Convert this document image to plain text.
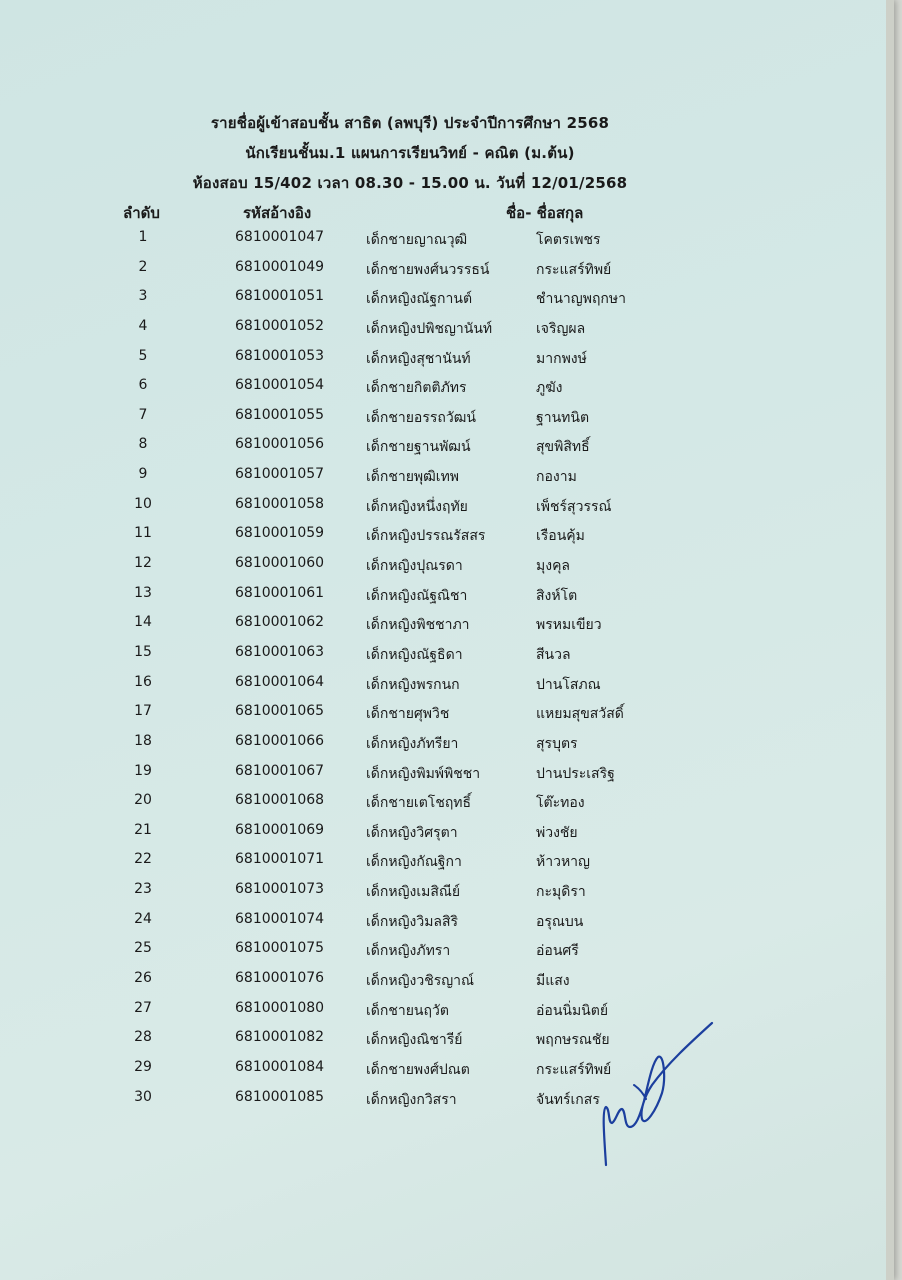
รายชื่อผู้เข้าสอบชั้น สาธิต (ลพบุรี) ประจำปีการศึกษา 2568
นักเรียนชั้นม.1 แผนการเรียนวิทย์ - คณิต (ม.ต้น)
ห้องสอบ 15/402 เวลา 08.30 - 15.00 น. วันที่ 12/01/2568
ลำดับ	รหัสอ้างอิง	ชื่อ- ชื่อสกุล
1	6810001047	เด็กชายญาณวุฒิ	โคตรเพชร
2	6810001049	เด็กชายพงศ์นวรรธน์	กระแสร์ทิพย์
3	6810001051	เด็กหญิงณัฐกานต์	ชำนาญพฤกษา
4	6810001052	เด็กหญิงปพิชญานันท์	เจริญผล
5	6810001053	เด็กหญิงสุชานันท์	มากพงษ์
6	6810001054	เด็กชายกิตติภัทร	ภูฆัง
7	6810001055	เด็กชายอรรถวัฒน์	ฐานทนิต
8	6810001056	เด็กชายฐานพัฒน์	สุขพิสิทธิ์
9	6810001057	เด็กชายพุฒิเทพ	กองาม
10	6810001058	เด็กหญิงหนึ่งฤทัย	เพ็ชร์สุวรรณ์
11	6810001059	เด็กหญิงปรรณรัสสร	เรือนคุ้ม
12	6810001060	เด็กหญิงปุณรดา	มุงคุล
13	6810001061	เด็กหญิงณัฐณิชา	สิงห์โต
14	6810001062	เด็กหญิงพิชชาภา	พรหมเขียว
15	6810001063	เด็กหญิงณัฐธิดา	สีนวล
16	6810001064	เด็กหญิงพรกนก	ปานโสภณ
17	6810001065	เด็กชายศุพวิช	แหยมสุขสวัสดิ์
18	6810001066	เด็กหญิงภัทรียา	สุรบุตร
19	6810001067	เด็กหญิงพิมพ์พิชชา	ปานประเสริฐ
20	6810001068	เด็กชายเตโชฤทธิ์	โต๊ะทอง
21	6810001069	เด็กหญิงวิศรุตา	พ่วงชัย
22	6810001071	เด็กหญิงกัณฐิกา	ห้าวหาญ
23	6810001073	เด็กหญิงเมสิณีย์	กะมุดิรา
24	6810001074	เด็กหญิงวิมลสิริ	อรุณบน
25	6810001075	เด็กหญิงภัทรา	อ่อนศรี
26	6810001076	เด็กหญิงวชิรญาณ์	มีแสง
27	6810001080	เด็กชายนฤวัต	อ่อนนิ่มนิตย์
28	6810001082	เด็กหญิงณิชารีย์	พฤกษรณชัย
29	6810001084	เด็กชายพงศ์ปณต	กระแสร์ทิพย์
30	6810001085	เด็กหญิงกวิสรา	จันทร์เกสร
